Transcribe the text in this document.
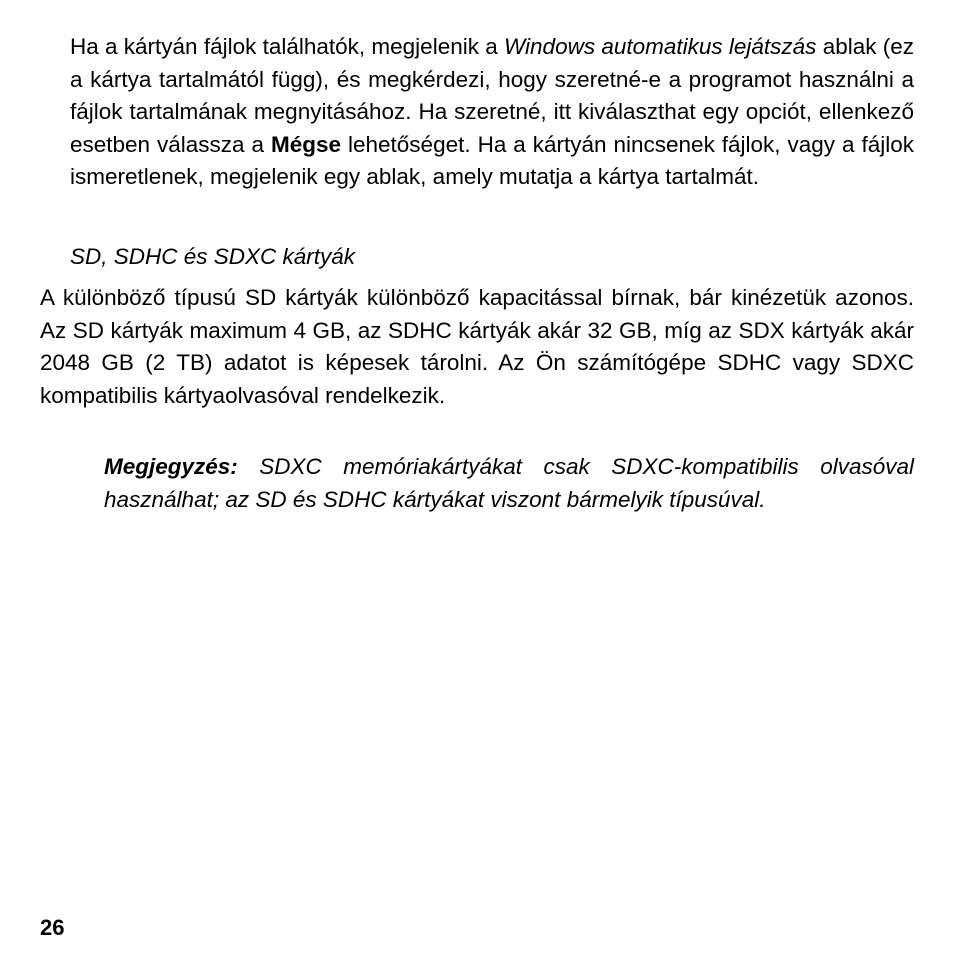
Ha a kártyán fájlok találhatók, megjelenik a Windows automatikus lejátszás ablak (ez a kártya tartalmától függ), és megkérdezi, hogy szeretné-e a programot használni a fájlok tartalmának megnyitásához. Ha szeretné, itt kiválaszthat egy opciót, ellenkező esetben válassza a Mégse lehetőséget. Ha a kártyán nincsenek fájlok, vagy a fájlok ismeretlenek, megjelenik egy ablak, amely mutatja a kártya tartalmát.

SD, SDHC és SDXC kártyák

A különböző típusú SD kártyák különböző kapacitással bírnak, bár kinézetük azonos. Az SD kártyák maximum 4 GB, az SDHC kártyák akár 32 GB, míg az SDX kártyák akár 2048 GB (2 TB) adatot is képesek tárolni. Az Ön számítógépe SDHC vagy SDXC kompatibilis kártyaolvasóval rendelkezik.

Megjegyzés: SDXC memóriakártyákat csak SDXC-kompatibilis olvasóval használhat; az SD és SDHC kártyákat viszont bármelyik típusúval.

26
